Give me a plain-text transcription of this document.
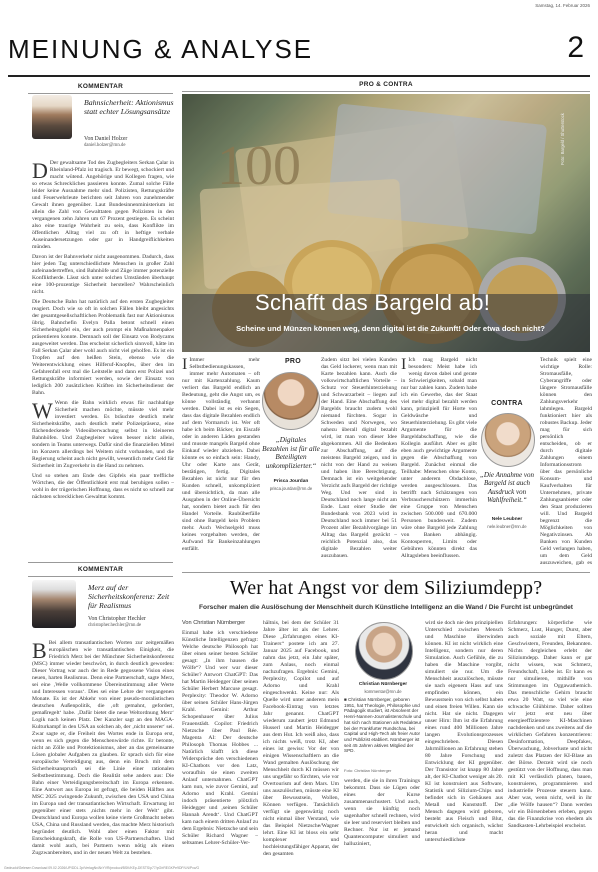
Samstag, 14. Februar 2026
MEINUNG & ANALYSE	2
KOMMENTAR
Bahnsicherheit: Aktionismus statt echter Lösungsansätze
Von Daniel Holzer
daniel.holzer@rnn.de

D Der gewaltsame Tod des Zugbegleiters Serkan Çalar in Rheinland-Pfalz ist tragisch. Er bewegt, schockiert und macht wütend. Angehörige und Kollegen fragen, wie so etwas Schreckliches passieren konnte. Zumal solche Fälle leider keine Ausnahme mehr sind. Polizisten, Rettungskräfte und Feuerwehrleute berichten seit Jahren von zunehmender Gewalt ihnen gegenüber. Laut Bundesinnenministerium ist allein die Zahl von Gewalttaten gegen Polizisten in den vergangenen zehn Jahren um 67 Prozent gestiegen. Es scheint also eine traurige Wahrheit zu sein, dass Konflikte im öffentlichen Alltag viel zu oft in heftige verbale Auseinandersetzungen oder gar in Handgreiflichkeiten münden.

Davon ist der Bahnverkehr nicht ausgenommen. Dadurch, dass hier jeden Tag unterschiedlichste Menschen in großer Zahl aufeinandertreffen, sind Bahnhöfe und Züge immer potenzielle Konfliktherde. Lässt sich unter solchen Umständen überhaupt eine 100-prozentige Sicherheit herstellen? Wahrscheinlich nicht.

Die Deutsche Bahn hat natürlich auf den ersten Zugbegleiter reagiert. Doch wie so oft in solchen Fällen bleibt angesichts der gesamtgesellschaftlichen Problematik fast nur Aktionismus übrig. Bahnchefin Evelyn Palla betont schnell einen Sicherheitsgipfel ein, der auch prompt ein Maßnahmenpaket präsentieren konnte. Demnach soll der Einsatz von Bodycams ausgeweitet werden. Das erscheint sicherlich sinnvoll, hätte im Fall Serkan Çalar aber wohl auch nicht viel geholfen. Es ist ein Tropfen auf den heißen Stein, ebenso wie die Weiterentwicklung eines Hilferuf-Knopfes, über den im Gefahrenfall erst mal die Leitstelle und dann erst Polizei und Rettungskräfte informiert werden, sowie der Einsatz von lediglich 200 zusätzlichen Kräften im Sicherheitsdienst der Bahn.

W Wenn die Bahn wirklich etwas für nachhaltige Sicherheit machen möchte, müsste viel mehr investiert werden. Es bräuchte deutlich mehr Sicherheitskräfte, auch deutlich mehr Polizeipräsenz, eine flächendeckende Videoüberwachung selbst in kleineren Bahnhöfen. Und Zugbegleiter wären besser nicht allein, sondern in Teams unterwegs. Dafür sind die finanziellen Mittel im Konzern allerdings bei Weitem nicht vorhanden, und die Regierung scheint auch nicht gewillt, wesentlich mehr Geld für Sicherheit im Zugverkehr in die Hand zu nehmen.

Und so stehen am Ende des Gipfels ein paar treffliche Wörtchen, die der Öffentlichkeit erst mal beruhigen sollen – wohl in der trügerischen Hoffnung, dass es nicht so schnell zur nächsten schrecklichen Gewalttat kommt.

KOMMENTAR
Merz auf der Sicherheitskonferenz: Zeit für Realismus
Von Christopher Hechler
christopher.hechler@rnn.de

B Bei allem transatlantischen Worten zur zeitgemäßen europäischen wie transatlantischen Einigkeit, die Friedrich Merz bei der Münchner Sicherheitskonferenz (MSC) immer wieder beschwört, in durch deutlich geworden: Dieser Vortrag war auch der in Rede gegossene Vision eines neuen, harten Realismus. Denn eine Partnerschaft, sagte Merz, sei eine ‚Welle vollkommene Übereinstimmung aller Werte und Interessen voraus‘. Dies sei eine Lehre der vergangenen Monate. Es ist der Abkehr von einer pseudo-moralistischen deutschen Außenpolitik, die ‚oft gemahnt, gefordert, gemaßregelt‘ habe. ‚Dafür bietet die neue Weltordnung Merz‘ Logik nach keinen Platz. Der Kanzler sagt an den MAGA-Kulturkampf in den USA an solchen ab, der ‚nicht unserer‘ sei. Zwar sagte er, die Freiheit des Wortes ende in Europa erst, wenn es sich gegen die Menschenwürde richte. Er betonte, nicht an Zölle und Protektionismus, aber an das gemeinsame Lösen globaler Aufgaben zu glauben. Er sprach sich für eine europäische Verteidigung aus, denn ein Bruch mit dem Sicherheitsanspruch sei die Linie einer rationalen Selbstbestimmung. Doch die Realität sehe anders aus: Die Bahn einer Verteidigungsbereitschaft im Europa erkennen. Eine Antwort aus Europa ist gefragt, die beiden Hälften aus MSC 2025 zwingende Zukunft, zwischen den USA und China im Europa und der transatlantischen Wirtschaft. Erwartung ist gegenüber einer stets ‚nichts mehr in der Welt‘ gibt. Deutschland und Europa wollen keine vierte Großmacht neben USA, China und Russland werden, das machte Merz historisch begründet deutlich. Wohl aber einen Faktor mit Entscheidungskraft, die Rolle von US-Partnerschaften. Und damit wohl auch, bei Partnern wenn nötig als einen Zugzwanbereiten, und in der neuen Welt zu bestehen.

PRO & CONTRA
100	Foto: Bargeld / Shutterstock
Schafft das Bargeld ab!
Scheine und Münzen können weg, denn digital ist die Zukunft! Oder etwa doch nicht?

I Immer mehr Selbstbedienungskassen, immer mehr Automaten – oft nur mit Kartenzahlung. Kaum verliert das Bargeld endlich an Bedeutung, geht die Angst um, es könne vollständig verbannt werden. Dabei ist es ein Segen, dass das digitale Bezahlen endlich auf dem Vormarsch ist. Wer oft habe ich beim Bäcker, im Eiscafé oder in anderen Läden gestanden und musste mangels Bargeld ohne Einkauf wieder abziehen. Dabei könnte es so einfach sein: Handy, Uhr oder Karte ans Gerät, bestätigen, fertig. Digitales Bezahlen ist nicht nur für den Kunden schnell, unkompliziert und übersichtlich, da man alle Ausgaben in der Online-Übersicht hat, sondern bietet auch für den Handel Vorteile. Raubüberfälle sind ohne Bargeld kein Problem mehr. Auch Wechselgeld muss keines vorgehalten werden, der Aufwand für Bankeinzahlungen entfällt.

PRO
„Digitales Bezahlen ist für alle Beteiligten unkomplizierter.“
Prisca Jourdan
prisca.jourdan@rnn.de

Zudem sitzt bei vielen Kunden das Geld lockerer, wenn man mit Karte bezahlen kann. Auch die volkswirtschaftlichen Vorteile – Schutz vor Steuerhinterziehung und Schwarzarbeit – liegen auf der Hand. Eine Abschaffung des Bargelds braucht zudem wohl niemand fürchten. Sogar in Schweden und Norwegen, wo nahezu überall digital bezahlt wird, ist man von dieser Idee abgekommen. All die Bedenken zur Abschaffung, auf die meistens Bargeld zeigen, und in nicht von der Hand zu weisen und haben ihre Berechtigung. Demnach ist ein weitgehender Verzicht aufs Bargeld der richtige Weg. Und wer sind in Deutschland noch lange nicht am Ende. Laut einer Studie der Bundesbank von 2023 wird in Deutschland noch immer bei 51 Prozent aller Bezahlvorgänge im Alltag das Bargeld gezückt – reichlich Potenzial also, das digitale Bezahlen weiter auszubauen.

I Ich mag Bargeld nicht besonders: Meist habe ich wenig davon dabei und gerate in Schwierigkeiten, sobald man nur bar zahlen kann. Zudem habe ich ein Gewerbe, das der Staat viel mehr digital bezahlt werden kann, prinzipiell für Horte von Geldwäsche und Steuerhinterziehung. Es gibt viele Argumente für die Bargeldabschaffung, wie die Kollegin ausführt. Aber es gibt eben auch gewichtige Argumente gegen die Abschaffung von Bargeld. Zunächst einmal die Teilhabe: Menschen ohne Konto, unter anderem Obdachlose, werden ausgeschlossen. Das betrifft nach Schätzungen von Verbraucherschützern immerhin eine Gruppe von Menschen zwischen 500.000 und 670.000 Personen bundesweit. Zudem wäre ohne Bargeld jede Zahlung von Banken abhängig. Kontosperren, Limits oder Gebühren könnten direkt das Alltagsleben beeinflussen.

CONTRA
„Die Annahme von Bargeld ist auch Ausdruck von Wahlfreiheit.“
Nele Leubner
nele.leubner@rnn.de

Technik spielt eine wichtige Rolle: Stromausfälle, Cyberangriffe oder längere Stromausfälle können den Zahlungsverkehr lahmlegen. Bargeld funktioniert hier als robustes Backup. Jeder mag für sich persönlich entscheiden, ob er durch digitale Zahlungen einem Informationsstrom über das persönliche Konsum- und Kaufverhalten für Unternehmen, private Zahlungsanbieter oder den Staat produzieren will. Und Bargeld begrenzt die Möglichkeiten von Negativzinsen. Ab Banken von Kunden Geld verlangen haben, um dem Geld auszuweichen, gab es

Wer hat Angst vor dem Siliziumdepp?
Forscher malen die Auslöschung der Menschheit durch Künstliche Intelligenz an die Wand / Die Furcht ist unbegründet
Von Christian Nürnberger

Einmal habe ich verschiedene Künstliche Intelligenzen gefragt: Welche deutsche Philosoph hat über einen seiner besten Schüler gesagt: „In ihm hausen die Wölfe“? Und wer war dieser Schüler? Antwort ChatGPT: Das hat Martin Heidegger über seinen Schüler Herbert Marcuse gesagt. Perplexity: Theodor W. Adorno über seinen Schüler Hans-Jürgen Krahl. Gemini: Arthur Schopenhauer über Julius Frauenstädt. Copilot: Friedrich Nietzsche über Paul Rée. Magenta AI: Der deutsche Philosoph Thomas Hobbes ... Natürlich klafft ich diese Widersprüche den verschiedenen KI-Chatbots vor den Latz, woraufhin sie einen zweiten Anlauf unternahmen. ChatGPT kam nun, wie zuvor Gemini, auf Adorno und Krahl. Gemini indoch präsentierte plötzlich Heidegger und ‚seinen Schüler Hannah Arendt‘. Und ChatGPT kam nach einem dritten Anlauf zu dem Ergebnis: Nietzsche und sein Schüler Richard Wagner – seltsames Lehrer-Schüler-Ver-

hältnis, bei dem der Schüler 31 Jahre älter ist als der Lehrer. Diese „Erfahrungen eines KI-Trainers“ postete ich am 27. Januar 2025 auf Facebook, und nahm das jetzt, ein Jahr später, zum Anlass, noch einmal nachzufragen. Ergebnis: Gemini, Perplexity, Copilot und auf Adorno und Krahl eingeschwenkt. Keine nur: Als Quelle wird unter anderem mein Facebook-Eintrag von letztes Jahr genannt. ChatGPT wiederum zaubert jetzt Edmund Husserl und Martin Heidegger aus dem Hut. Ich weiß also, dass ich nichts weiß, trotz KI, aber eines ist gewiss: Vor der von einigen Wissenschaftlern an die Wand gemalten Auslöschung der Menschheit durch KI müssen wir uns ungefähr so fürchten, wie vor Overtourism auf dem Mars. Um uns auszulöschen, müsste eine KI über Bewusstsein, Wollen, Können verfügen. Tatsächlich verfügt sie gegenwärtig noch nicht einmal über Verstand, wie das Beispiel Nietzsche/Wagner lehrt. Eine KI ist bloss ein sehr komplexer und hochleistungsfähiger Apparat, der den gesamten

Christian Nürnberger
kommentar@rnn.de
■ Christian Nürnberger, geboren 1951, hat Theologie, Philosophie und Pädagogik studiert, ist Absolvent der Henri-Nannen-Journalistenschule und hat sich nach Stationen als Redakteur bei der Frankfurter Rundschau, bei Capital und High-Tech als freier Autor und Publizist etabliert. Nürnberger ist seit 45 Jahren aktives Mitglied der SPD.
Foto: Christian Nürnberger

werden, die sie in ihren Trainings bekommt. Dass sie Lügen oder eines der Kurse zusammenaschustert. Und auch, wenn sie künftig noch sagenhafter schnell rechnen, wird sie leer und reserviert bleiben und Rechner. Nur ist er jemand Quantencomputer simuliert und halluziniert,

wird sie doch nie den prinzipiellen Unterschied zwischen Mensch und Maschine überwinden können. KI ist nicht wirklich eine Intelligenz, sondern nur deren Simulation. Auch Gefühle, die zu haben die Maschine vorgibt, simuliert sie nur. Um die Menschheit auszulöschen, müsste sie nach eigenem Hass auf uns empfinden können, ein Bewusstsein von sich selbst haben und einen freien Willen. Kann sie nicht. Hat sie nicht. Dagegen unser Hirn: Ihm ist die Erfahrung eines rund 400 Millionen Jahre langen Evolutionsprozesses eingeschrieben. Diesen Jahrmillionen an Erfahrung stehen 80 Jahre Forschung und Entwicklung der KI gegenüber. Der Transistor ist knapp 80 Jahre alt, der KI-Chatbot weniger als 20. KI ist konstruiert aus Software, Statistik und Silizium-Chips und befindet sich in Gehäusen aus Metall und Kunststoff. Der Mensch dagegen wird geboren, besteht aus Fleisch und Blut, entwickelt sich organisch, wächst heran und macht unterschiedlichste

Erfahrungen: körperliche wie Schmerz, Lust, Hunger, Durst, aber auch soziale mit Eltern, Geschwistern, Freunden, Bekannten. Nichts dergleichen erlebt der Siliziumdepp. Daher kann er gar nicht wissen, was Schmerz, Freundschaft, Liebe ist. Er kann es nur simulieren, mithilfe von Stimmungen im Oggawathemich. Das menschliche Gehirn braucht etwa 20 Watt, so viel wie eine schwache Glühbirne. Daher sollten wir jetzt erst neu über energieeffizientere KI-Maschinen nachdenken und uns zweitens auf die wirklichen Gefahren konzentrieren: Desinformation, Deepfakes, Überwachung, Jobverluste und nicht zuletzt das Platzen der KI-Blase an der Börse. Derzeit wird sie noch gestützt von der Hoffnung, dass man mit KI verlässlich planen, bauen, konstruieren, programmieren und industrielle Prozesse steuern kann. Aber was, wenn nicht, weil in ihr „die Wölfe hausen“? Dann werden wir ein Börsenbeben erleben, gegen das die Finanzkrise von ehedem als Sandkasten-Lehrbeispiel erscheint.

Gedruckt/Gelesen Download 09.02.2026/UP/DDL 2p/VerlagNr/AbYVR/product/BSK/KEp-DESTS/p77/pO/rREGKPe9DP/LN/Pxc/G
